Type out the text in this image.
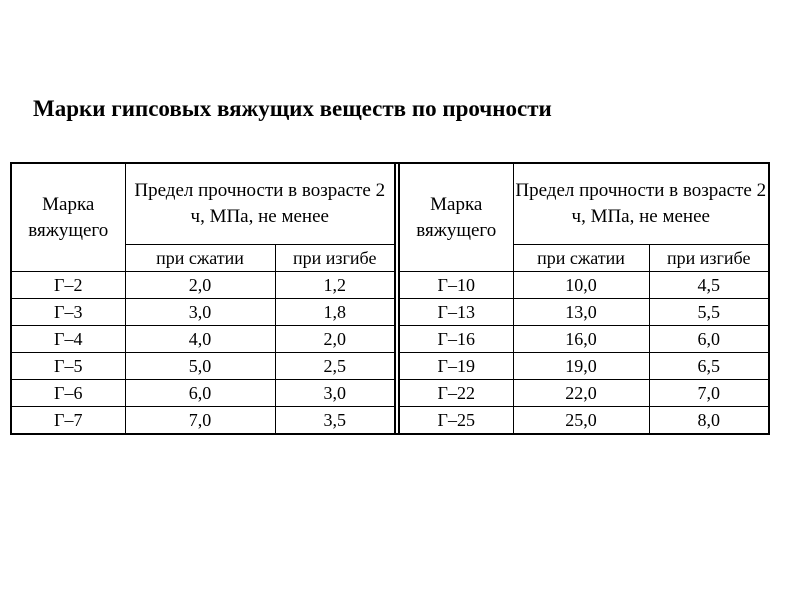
Марки гипсовых вяжущих веществ по прочности
Марка вяжущего	Предел прочности в возрасте 2 ч, МПа, не менее			Марка вяжущего	Предел прочности в возрасте 2 ч, МПа, не менее	
	при сжатии	при изгибе			при сжатии	при изгибе
Г–2	2,0	1,2		Г–10	10,0	4,5
Г–3	3,0	1,8		Г–13	13,0	5,5
Г–4	4,0	2,0		Г–16	16,0	6,0
Г–5	5,0	2,5		Г–19	19,0	6,5
Г–6	6,0	3,0		Г–22	22,0	7,0
Г–7	7,0	3,5		Г–25	25,0	8,0
